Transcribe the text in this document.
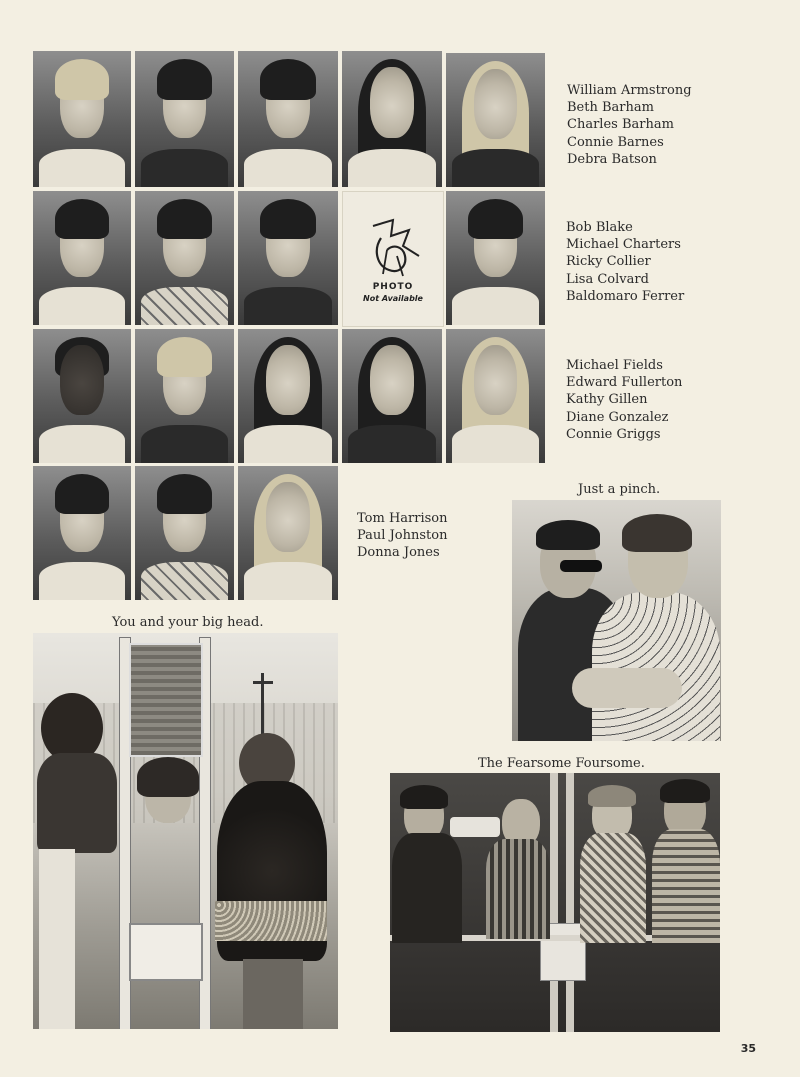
William Armstrong
Beth Barham
Charles Barham
Connie Barnes
Debra Batson
PHOTO
Not Available
Bob Blake
Michael Charters
Ricky Collier
Lisa Colvard
Baldomaro Ferrer
Michael Fields
Edward Fullerton
Kathy Gillen
Diane Gonzalez
Connie Griggs
Tom Harrison
Paul Johnston
Donna Jones
Just a pinch.
You and your big head.
The Fearsome Foursome.
35
